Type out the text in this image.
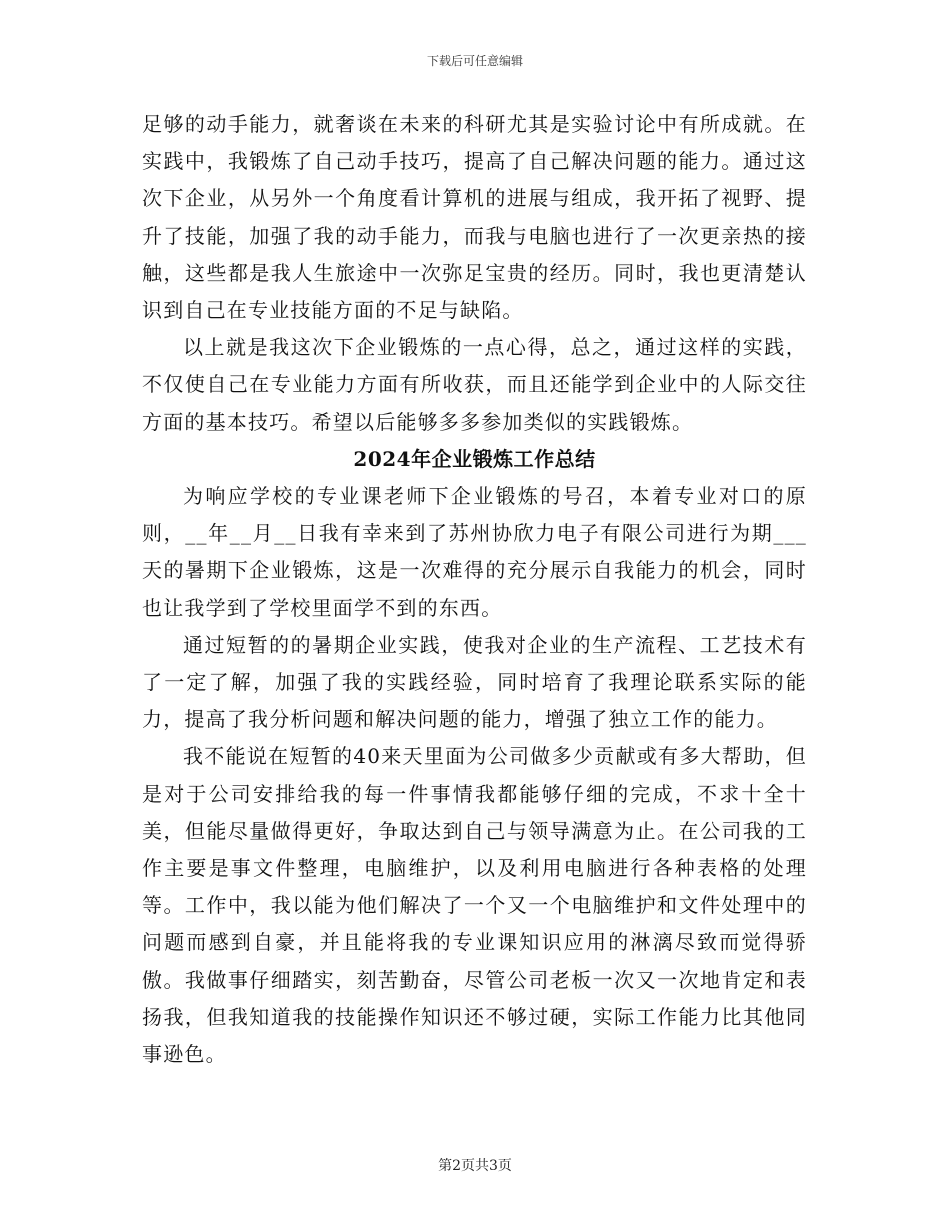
下载后可任意编辑

足够的动手能力，就奢谈在未来的科研尤其是实验讨论中有所成就。在实践中，我锻炼了自己动手技巧，提高了自己解决问题的能力。通过这次下企业，从另外一个角度看计算机的进展与组成，我开拓了视野、提升了技能，加强了我的动手能力，而我与电脑也进行了一次更亲热的接触，这些都是我人生旅途中一次弥足宝贵的经历。同时，我也更清楚认识到自己在专业技能方面的不足与缺陷。

以上就是我这次下企业锻炼的一点心得，总之，通过这样的实践，不仅使自己在专业能力方面有所收获，而且还能学到企业中的人际交往方面的基本技巧。希望以后能够多多参加类似的实践锻炼。

2024年企业锻炼工作总结

为响应学校的专业课老师下企业锻炼的号召，本着专业对口的原则，__年__月__日我有幸来到了苏州协欣力电子有限公司进行为期___天的暑期下企业锻炼，这是一次难得的充分展示自我能力的机会，同时也让我学到了学校里面学不到的东西。

通过短暂的的暑期企业实践，使我对企业的生产流程、工艺技术有了一定了解，加强了我的实践经验，同时培育了我理论联系实际的能力，提高了我分析问题和解决问题的能力，增强了独立工作的能力。

我不能说在短暂的40来天里面为公司做多少贡献或有多大帮助，但是对于公司安排给我的每一件事情我都能够仔细的完成，不求十全十美，但能尽量做得更好，争取达到自己与领导满意为止。在公司我的工作主要是事文件整理，电脑维护，以及利用电脑进行各种表格的处理等。工作中，我以能为他们解决了一个又一个电脑维护和文件处理中的问题而感到自豪，并且能将我的专业课知识应用的淋漓尽致而觉得骄傲。我做事仔细踏实，刻苦勤奋，尽管公司老板一次又一次地肯定和表扬我，但我知道我的技能操作知识还不够过硬，实际工作能力比其他同事逊色。

第2页共3页
